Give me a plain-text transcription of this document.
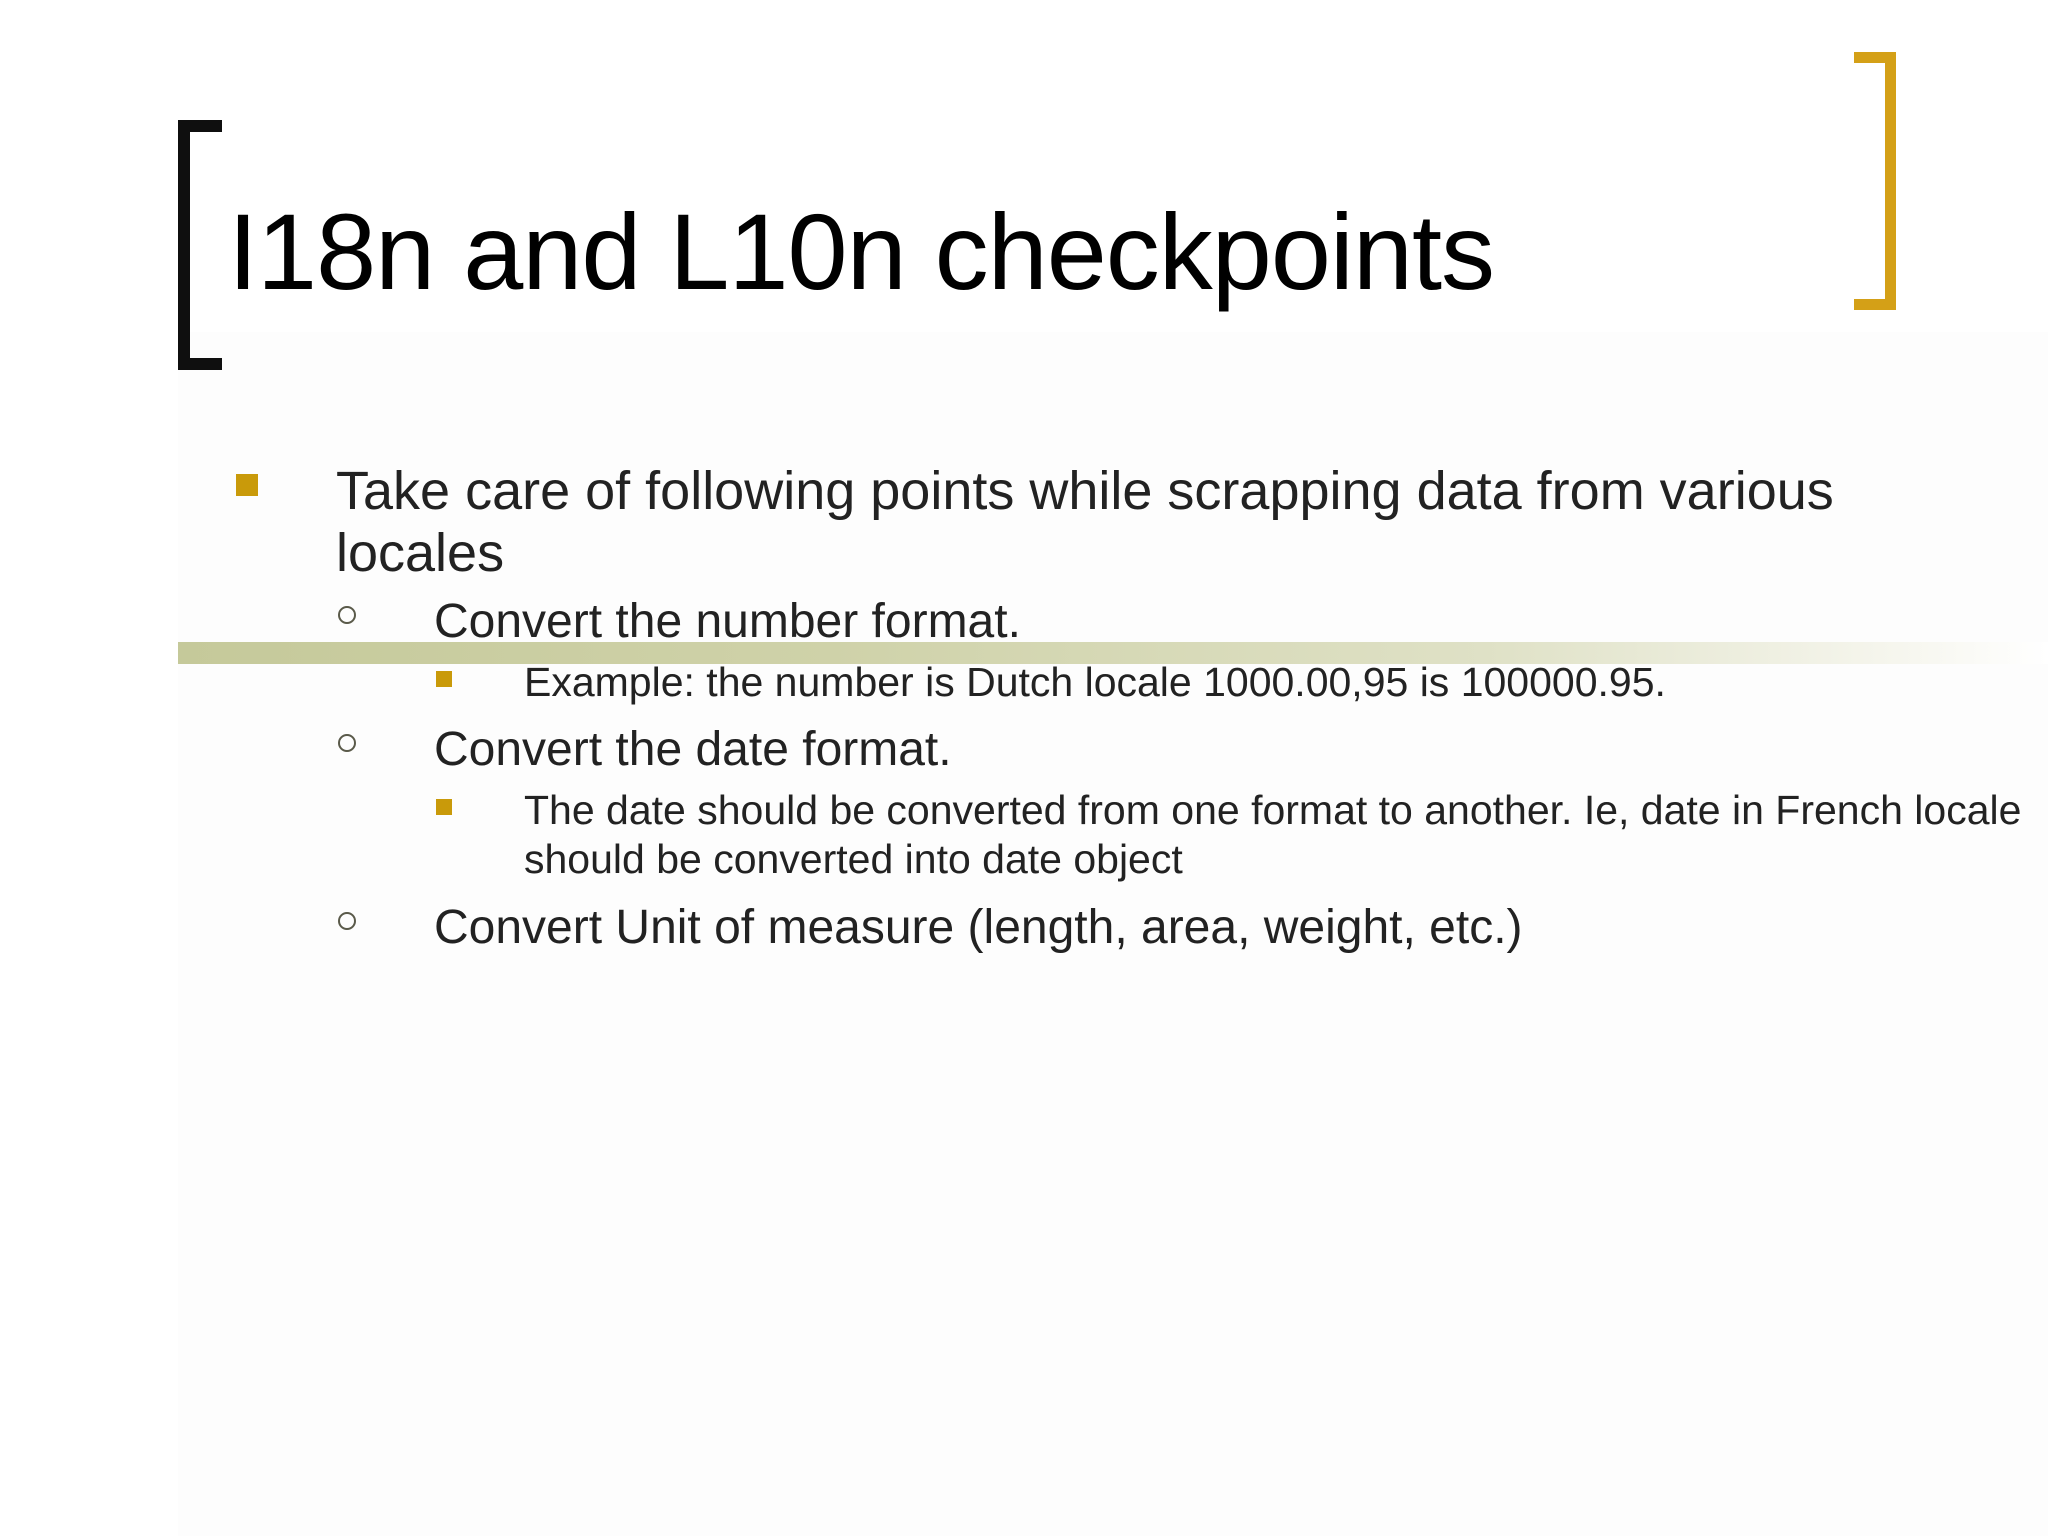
I18n and L10n checkpoints
Take care of following points while scrapping data from various locales
Convert the number format.
Example: the number is Dutch locale 1000.00,95 is 100000.95.
Convert the date format.
The date should be converted from one format to another. Ie, date in French locale should be converted into date object
Convert Unit of measure (length, area, weight, etc.)
